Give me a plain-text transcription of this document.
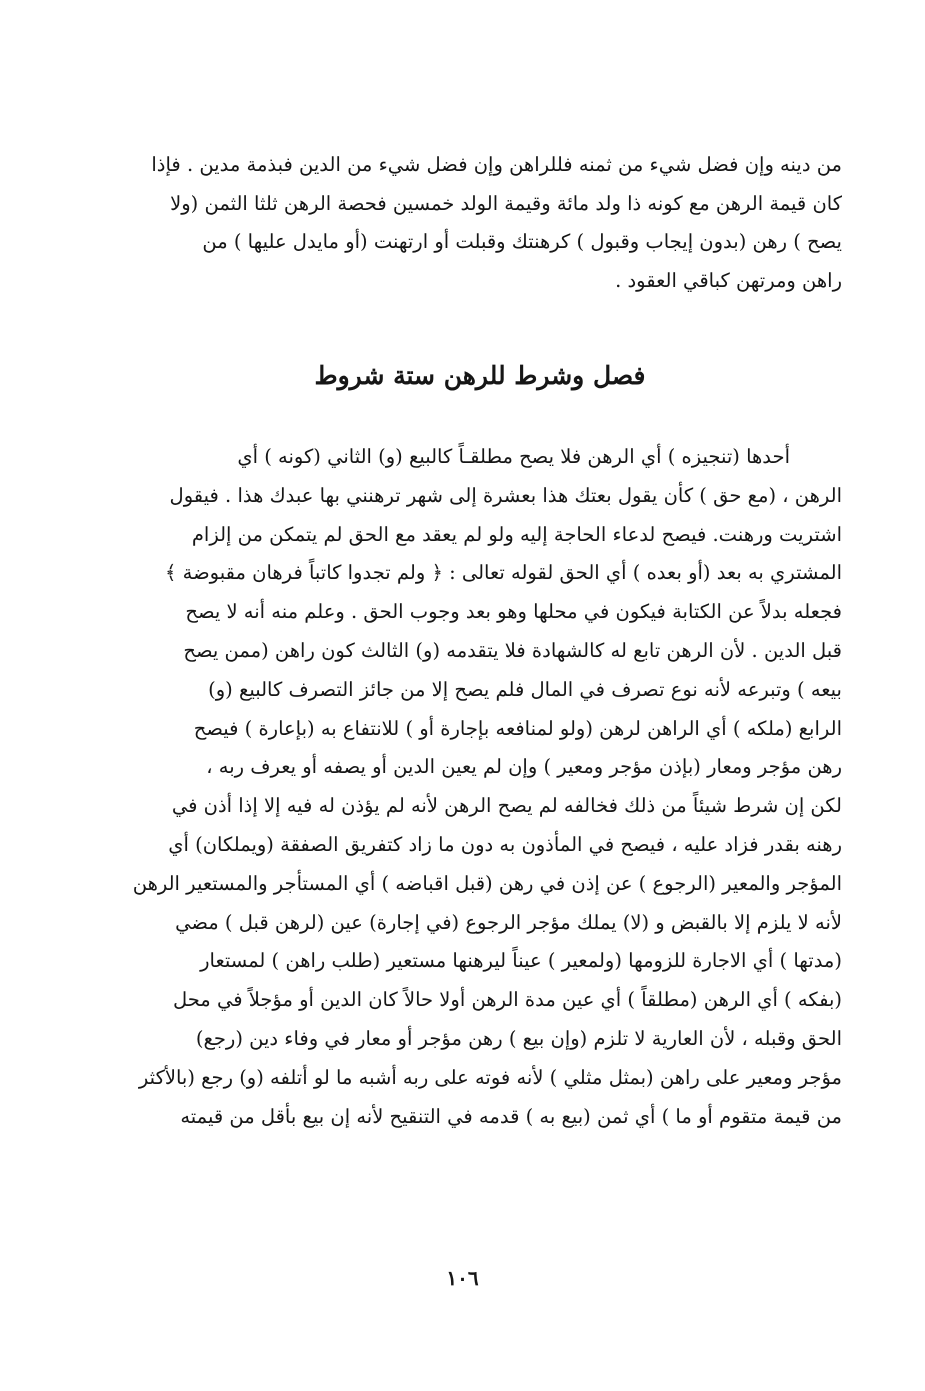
من دينه وإن فضل شيء من ثمنه فللراهن وإن فضل شيء من الدين فبذمة مدين . فإذا
كان قيمة الرهن مع كونه ذا ولد مائة وقيمة الولد خمسين فحصة الرهن ثلثا الثمن (ولا
يصح ) رهن (بدون إيجاب وقبول ) كرهنتك وقبلت أو ارتهنت (أو مايدل عليها ) من
راهن ومرتهن كباقي العقود .
فصل وشرط للرهن ستة شروط
أحدها (تنجيزه ) أي الرهن فلا يصح مطلقـاً كالبيع (و) الثاني (كونه ) أي
الرهن ، (مع حق ) كأن يقول بعتك هذا بعشرة إلى شهر ترهنني بها عبدك هذا . فيقول
اشتريت ورهنت. فيصح لدعاء الحاجة إليه ولو لم يعقد مع الحق لم يتمكن من إلزام
المشتري به بعد (أو بعده ) أي الحق لقوله تعالى : ﴿ ولم تجدوا كاتباً فرهان مقبوضة ﴾
فجعله بدلاً عن الكتابة فيكون في محلها وهو بعد وجوب الحق . وعلم منه أنه لا يصح
قبل الدين . لأن الرهن تابع له كالشهادة فلا يتقدمه (و) الثالث كون راهن (ممن يصح
بيعه ) وتبرعه لأنه نوع تصرف في المال فلم يصح إلا من جائز التصرف كالبيع (و)
الرابع (ملكه ) أي الراهن لرهن (ولو لمنافعه بإجارة أو ) للانتفاع به (بإعارة ) فيصح
رهن مؤجر ومعار (بإذن مؤجر ومعير ) وإن لم يعين الدين أو يصفه أو يعرف ربه ،
لكن إن شرط شيئاً من ذلك فخالفه لم يصح الرهن لأنه لم يؤذن له فيه إلا إذا أذن في
رهنه بقدر فزاد عليه ، فيصح في المأذون به دون ما زاد كتفريق الصفقة (ويملكان) أي
المؤجر والمعير (الرجوع ) عن إذن في رهن (قبل اقباضه ) أي المستأجر والمستعير الرهن
لأنه لا يلزم إلا بالقبض و (لا) يملك مؤجر الرجوع (في إجارة) عين (لرهن قبل ) مضي
(مدتها ) أي الاجارة للزومها (ولمعير ) عيناً ليرهنها مستعير (طلب راهن ) لمستعار
(بفكه ) أي الرهن (مطلقاً ) أي عين مدة الرهن أولا حالاً كان الدين أو مؤجلاً في محل
الحق وقبله ، لأن العارية لا تلزم (وإن بيع ) رهن مؤجر أو معار في وفاء دين (رجع)
مؤجر ومعير على راهن (بمثل مثلي ) لأنه فوته على ربه أشبه ما لو أتلفه (و) رجع (بالأكثر
من قيمة متقوم أو ما ) أي ثمن (بيع به ) قدمه في التنقيح لأنه إن بيع بأقل من قيمته
١٠٦
